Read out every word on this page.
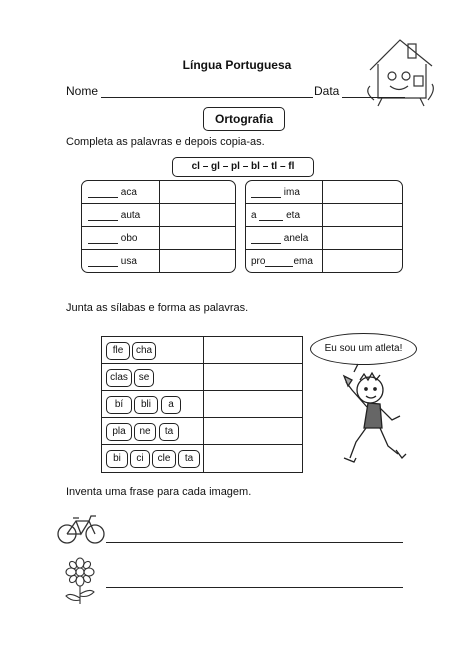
Língua Portuguesa
Nome	Data
Ortografia
Completa as palavras e depois copia-as.
cl – gl – pl – bl – tl – fl
aca
auta
obo
usa
ima
a	eta
anela
pro	ema
Junta as sílabas e forma as palavras.
fle	cha
clas	se
bí	bli	a
pla	ne	ta
bi	ci	cle	ta
Eu sou um atleta!
Inventa uma frase para cada imagem.
